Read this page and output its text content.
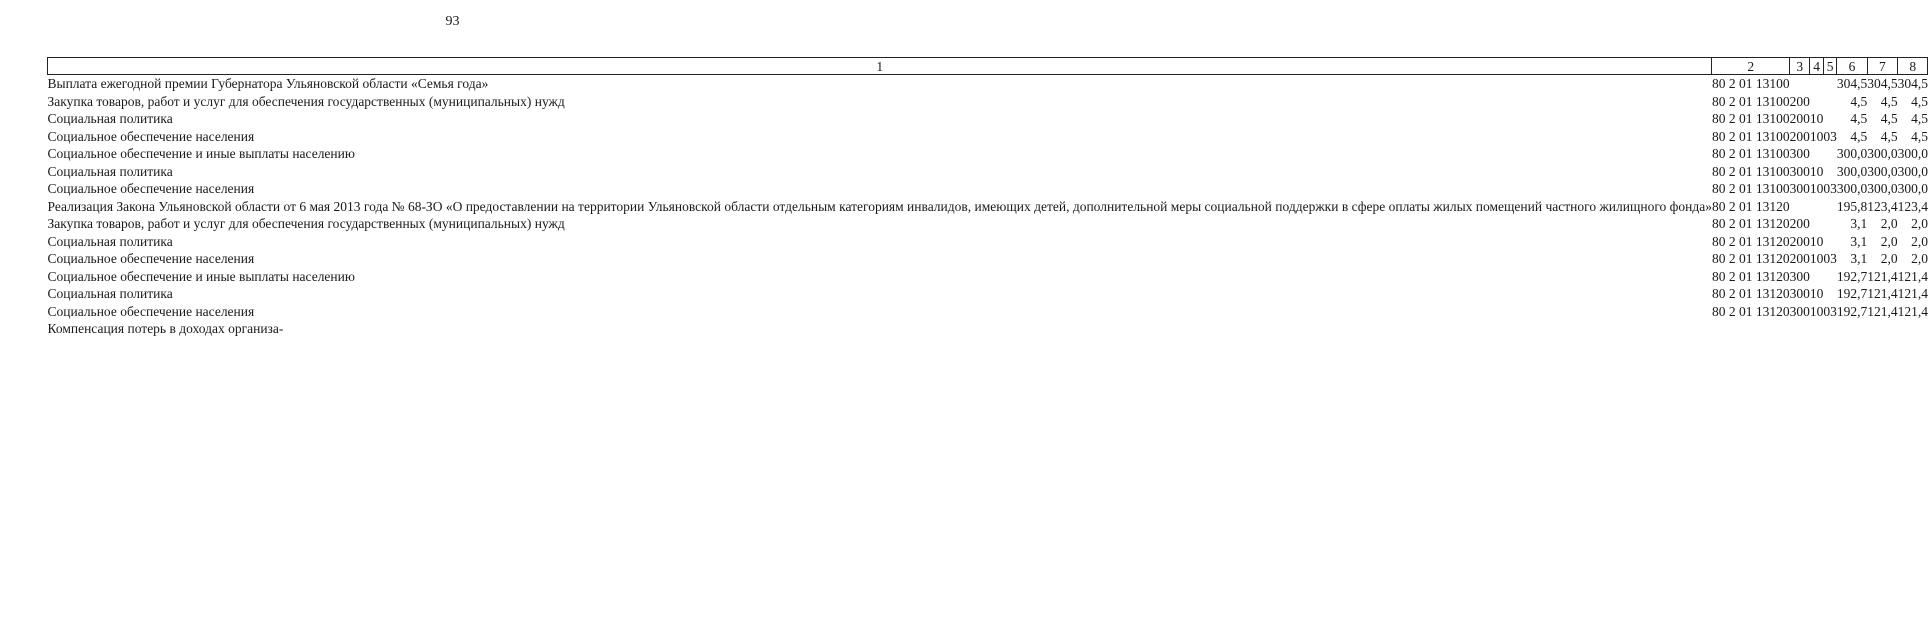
93
1	2	3	4	5	6	7	8
Выплата ежегодной премии Губернатора Ульяновской области «Семья года»	80 2 01 13100				304,5	304,5	304,5
Закупка товаров, работ и услуг для обеспечения государственных (муниципальных) нужд	80 2 01 13100	200			4,5	4,5	4,5
Социальная политика	80 2 01 13100	200	10		4,5	4,5	4,5
Социальное обеспечение населения	80 2 01 13100	200	10	03	4,5	4,5	4,5
Социальное обеспечение и иные выплаты населению	80 2 01 13100	300			300,0	300,0	300,0
Социальная политика	80 2 01 13100	300	10		300,0	300,0	300,0
Социальное обеспечение населения	80 2 01 13100	300	10	03	300,0	300,0	300,0
Реализация Закона Ульяновской области от 6 мая 2013 года № 68-ЗО «О предоставлении на территории Ульяновской области отдельным категориям инвалидов, имеющих детей, дополнительной меры социальной поддержки в сфере оплаты жилых помещений частного жилищного фонда»	80 2 01 13120				195,8	123,4	123,4
Закупка товаров, работ и услуг для обеспечения государственных (муниципальных) нужд	80 2 01 13120	200			3,1	2,0	2,0
Социальная политика	80 2 01 13120	200	10		3,1	2,0	2,0
Социальное обеспечение населения	80 2 01 13120	200	10	03	3,1	2,0	2,0
Социальное обеспечение и иные выплаты населению	80 2 01 13120	300			192,7	121,4	121,4
Социальная политика	80 2 01 13120	300	10		192,7	121,4	121,4
Социальное обеспечение населения	80 2 01 13120	300	10	03	192,7	121,4	121,4
Компенсация потерь в доходах организа-							
